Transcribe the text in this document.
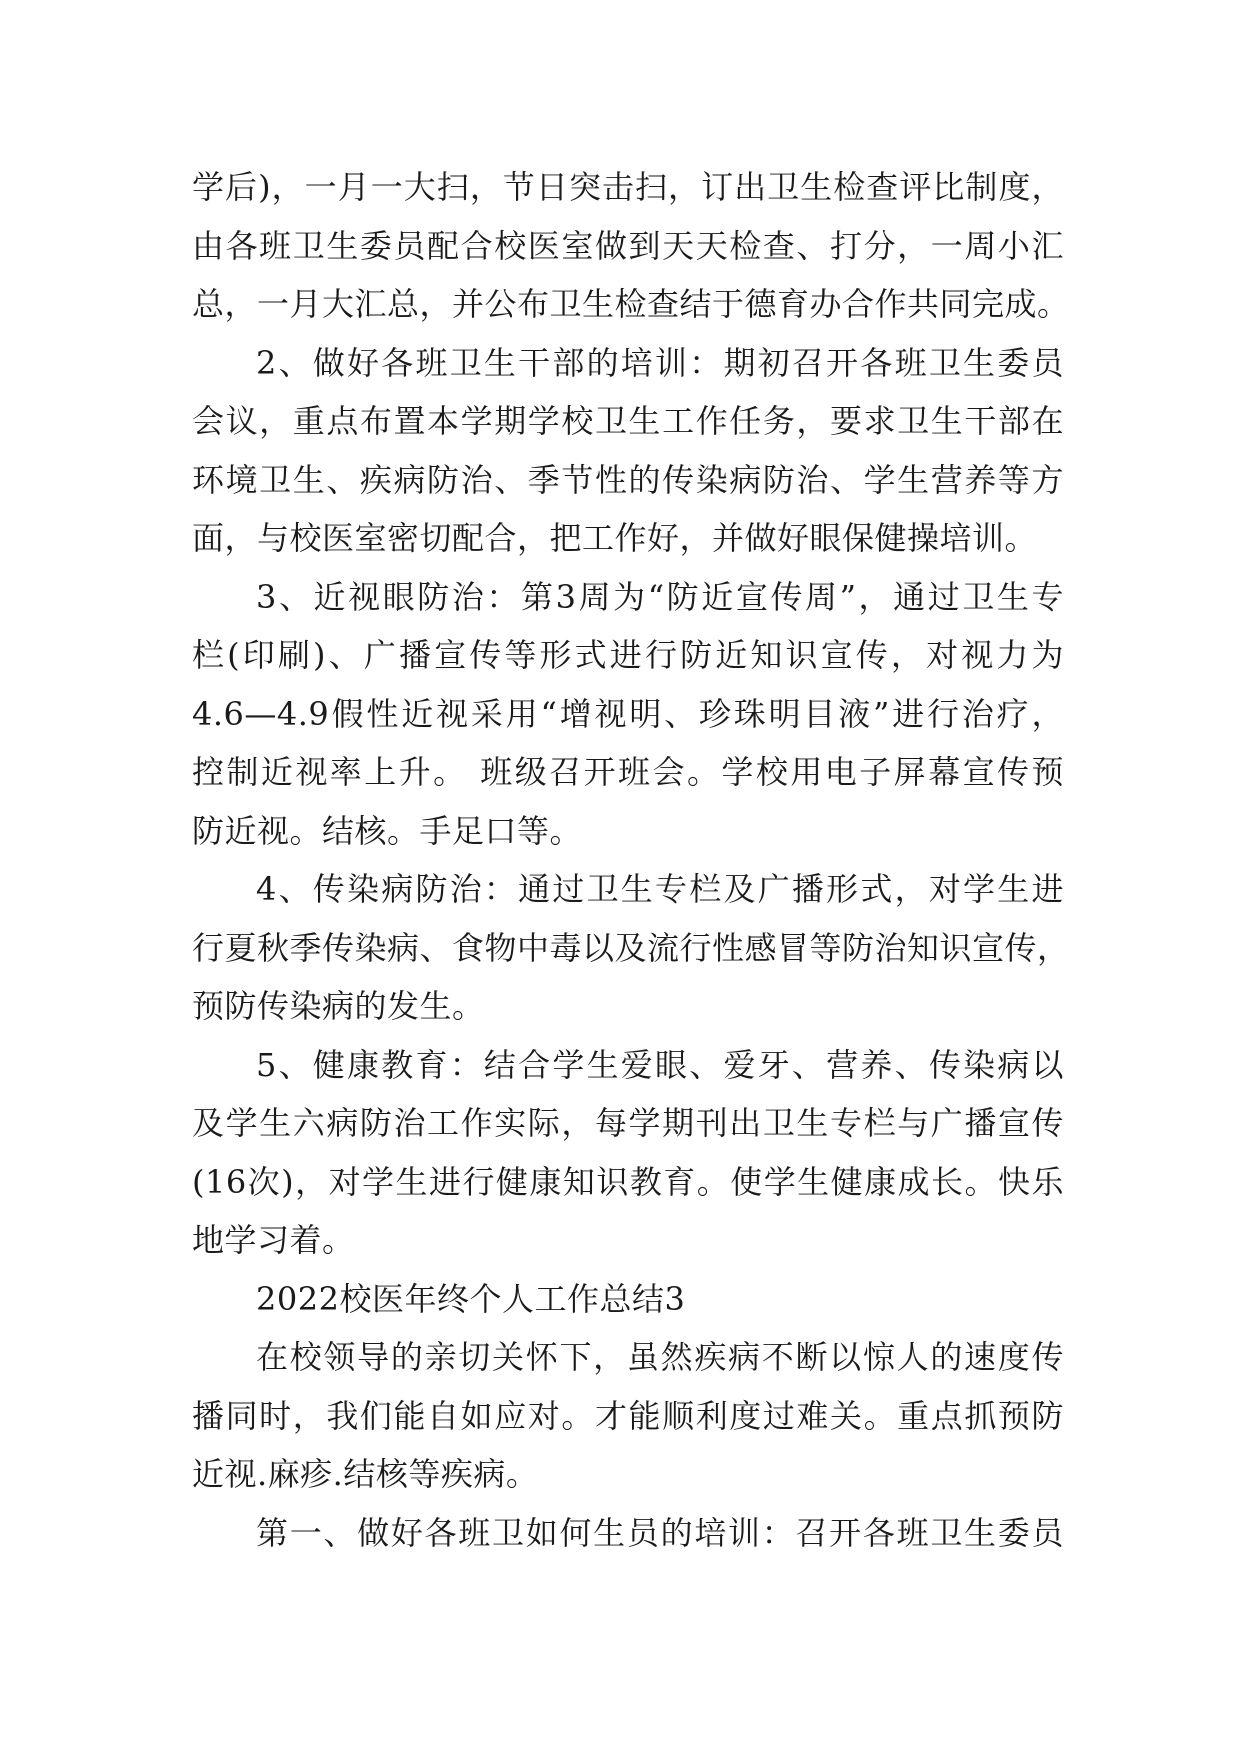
学后)，一月一大扫，节日突击扫，订出卫生检查评比制度，
由各班卫生委员配合校医室做到天天检查、打分，一周小汇
总，一月大汇总，并公布卫生检查结于德育办合作共同完成。
2、做好各班卫生干部的培训：期初召开各班卫生委员
会议，重点布置本学期学校卫生工作任务，要求卫生干部在
环境卫生、疾病防治、季节性的传染病防治、学生营养等方
面，与校医室密切配合，把工作好，并做好眼保健操培训。
3、近视眼防治：第3周为“防近宣传周”，通过卫生专
栏(印刷)、广播宣传等形式进行防近知识宣传，对视力为
4.6—4.9假性近视采用“增视明、珍珠明目液”进行治疗，
控制近视率上升。 班级召开班会。学校用电子屏幕宣传预
防近视。结核。手足口等。
4、传染病防治：通过卫生专栏及广播形式，对学生进
行夏秋季传染病、食物中毒以及流行性感冒等防治知识宣传，
预防传染病的发生。
5、健康教育：结合学生爱眼、爱牙、营养、传染病以
及学生六病防治工作实际，每学期刊出卫生专栏与广播宣传
(16次)，对学生进行健康知识教育。使学生健康成长。快乐
地学习着。
2022校医年终个人工作总结3
在校领导的亲切关怀下，虽然疾病不断以惊人的速度传
播同时，我们能自如应对。才能顺利度过难关。重点抓预防
近视.麻疹.结核等疾病。
第一、做好各班卫如何生员的培训：召开各班卫生委员
